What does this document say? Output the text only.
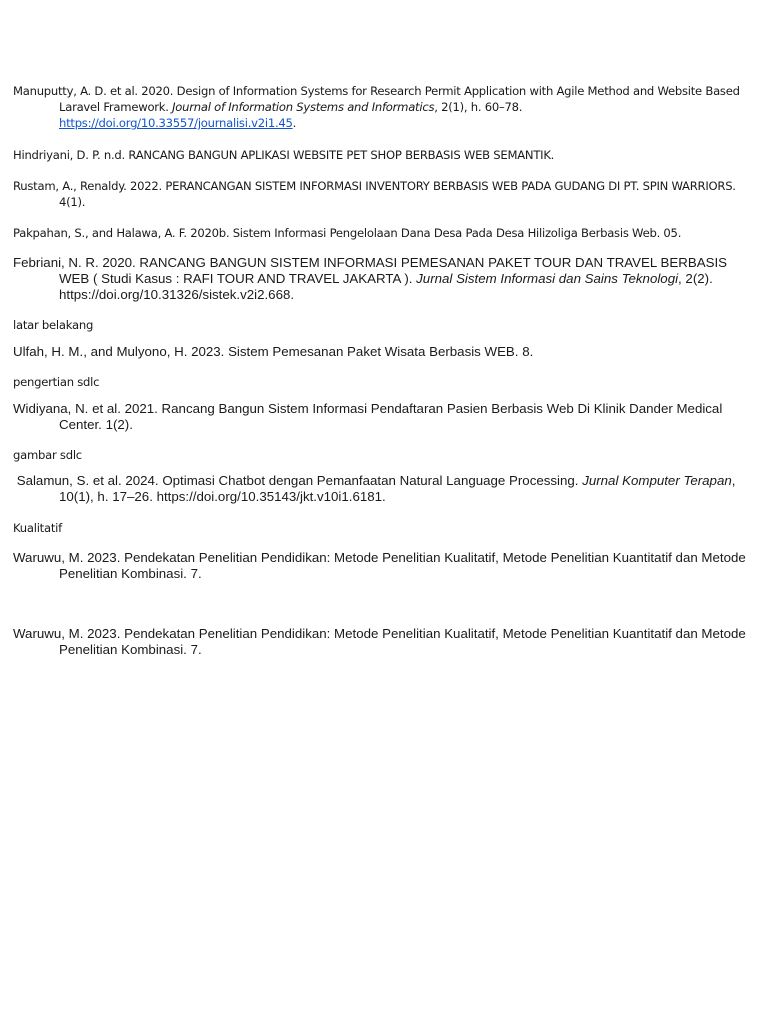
Manuputty, A. D. et al. 2020. Design of Information Systems for Research Permit Application with Agile Method and Website Based Laravel Framework. Journal of Information Systems and Informatics, 2(1), h. 60–78. https://doi.org/10.33557/journalisi.v2i1.45.

Hindriyani, D. P. n.d. RANCANG BANGUN APLIKASI WEBSITE PET SHOP BERBASIS WEB SEMANTIK.

Rustam, A., Renaldy. 2022. PERANCANGAN SISTEM INFORMASI INVENTORY BERBASIS WEB PADA GUDANG DI PT. SPIN WARRIORS. 4(1).

Pakpahan, S., and Halawa, A. F. 2020b. Sistem Informasi Pengelolaan Dana Desa Pada Desa Hilizoliga Berbasis Web. 05.

Febriani, N. R. 2020. RANCANG BANGUN SISTEM INFORMASI PEMESANAN PAKET TOUR DAN TRAVEL BERBASIS WEB ( Studi Kasus : RAFI TOUR AND TRAVEL JAKARTA ). Jurnal Sistem Informasi dan Sains Teknologi, 2(2). https://doi.org/10.31326/sistek.v2i2.668.

latar belakang

Ulfah, H. M., and Mulyono, H. 2023. Sistem Pemesanan Paket Wisata Berbasis WEB. 8.

pengertian sdlc

Widiyana, N. et al. 2021. Rancang Bangun Sistem Informasi Pendaftaran Pasien Berbasis Web Di Klinik Dander Medical Center. 1(2).

gambar sdlc

Salamun, S. et al. 2024. Optimasi Chatbot dengan Pemanfaatan Natural Language Processing. Jurnal Komputer Terapan, 10(1), h. 17–26. https://doi.org/10.35143/jkt.v10i1.6181.

Kualitatif

Waruwu, M. 2023. Pendekatan Penelitian Pendidikan: Metode Penelitian Kualitatif, Metode Penelitian Kuantitatif dan Metode Penelitian Kombinasi. 7.

Waruwu, M. 2023. Pendekatan Penelitian Pendidikan: Metode Penelitian Kualitatif, Metode Penelitian Kuantitatif dan Metode Penelitian Kombinasi. 7.
